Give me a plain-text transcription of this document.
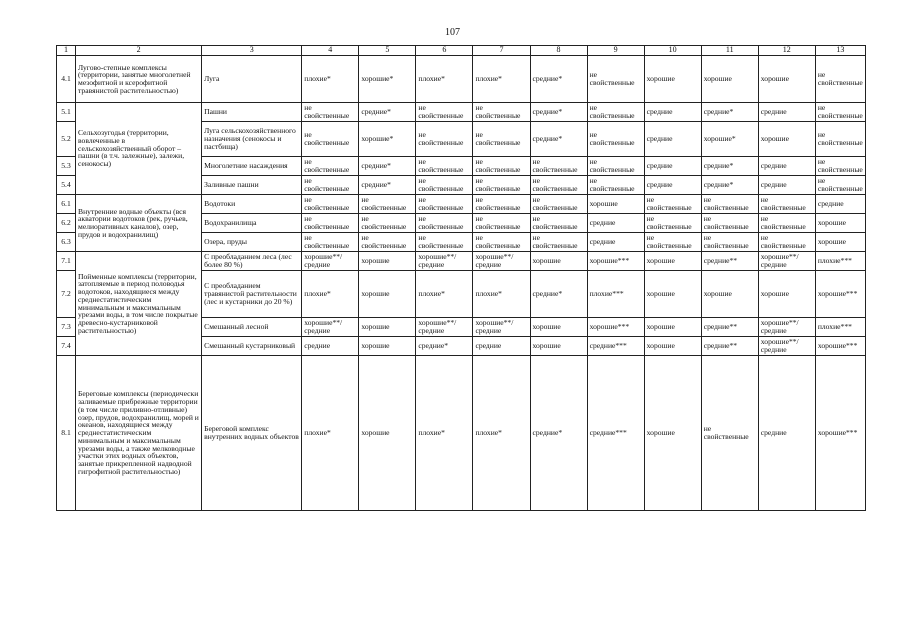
107
1	2	3	4	5	6	7	8	9	10	11	12	13
4.1	Лугово-степные комплексы (территории, занятые многолетней мезофитной и ксерофитной травянистой растительностью)	Луга	плохие*	хорошие*	плохие*	плохие*	средние*	не свойственные	хорошие	хорошие	хорошие	не свойственные
5.1	Сельхозугодья (территории, вовлеченные в сельскохозяйственный оборот – пашни (в т.ч. залежные), залежи, сенокосы)	Пашни	не свойственные	средние*	не свойственные	не свойственные	средние*	не свойственные	средние	средние*	средние	не свойственные
5.2		Луга сельскохозяйственного назначения (сенокосы и пастбища)	не свойственные	хорошие*	не свойственные	не свойственные	средние*	не свойственные	средние	хорошие*	хорошие	не свойственные
5.3		Многолетние насаждения	не свойственные	средние*	не свойственные	не свойственные	не свойственные	не свойственные	средние	средние*	средние	не свойственные
5.4		Заливные пашни	не свойственные	средние*	не свойственные	не свойственные	не свойственные	не свойственные	средние	средние*	средние	не свойственные
6.1	Внутренние водные объекты (вся акватории водотоков (рек, ручьев, мелиоративных каналов), озер, прудов и водохранилищ)	Водотоки	не свойственные	не свойственные	не свойственные	не свойственные	не свойственные	хорошие	не свойственные	не свойственные	не свойственные	средние
6.2		Водохранилища	не свойственные	не свойственные	не свойственные	не свойственные	не свойственные	средние	не свойственные	не свойственные	не свойственные	хорошие
6.3		Озера, пруды	не свойственные	не свойственные	не свойственные	не свойственные	не свойственные	средние	не свойственные	не свойственные	не свойственные	хорошие
7.1	Пойменные комплексы (территории, затопляемые в период половодья водотоков, находящиеся между среднестатистическим минимальным и максимальным урезами воды, в том числе покрытые древесно-кустарниковой растительностью)	С преобладанием леса (лес более 80 %)	хорошие**/ средние	хорошие	хорошие**/ средние	хорошие**/ средние	хорошие	хорошие***	хорошие	средние**	хорошие**/ средние	плохие***
7.2		С преобладанием травянистой растительности (лес и кустарники до 20 %)	плохие*	хорошие	плохие*	плохие*	средние*	плохие***	хорошие	хорошие	хорошие	хорошие***
7.3		Смешанный лесной	хорошие**/ средние	хорошие	хорошие**/ средние	хорошие**/ средние	хорошие	хорошие***	хорошие	средние**	хорошие**/ средние	плохие***
7.4		Смешанный кустарниковый	средние	хорошие	средние*	средние	хорошие	средние***	хорошие	средние**	хорошие**/ средние	хорошие***
8.1	Береговые комплексы (периодически заливаемые прибрежные территории (в том числе приливно-отливные) озер, прудов, водохранилищ, морей и океанов, находящиеся между среднестатистическим минимальным и максимальным урезами воды, а также мелководные участки этих водных объектов, занятые прикрепленной надводной гигрофитной растительностью)	Береговой комплекс внутренних водных объектов	плохие*	хорошие	плохие*	плохие*	средние*	средние***	хорошие	не свойственные	средние	хорошие***
